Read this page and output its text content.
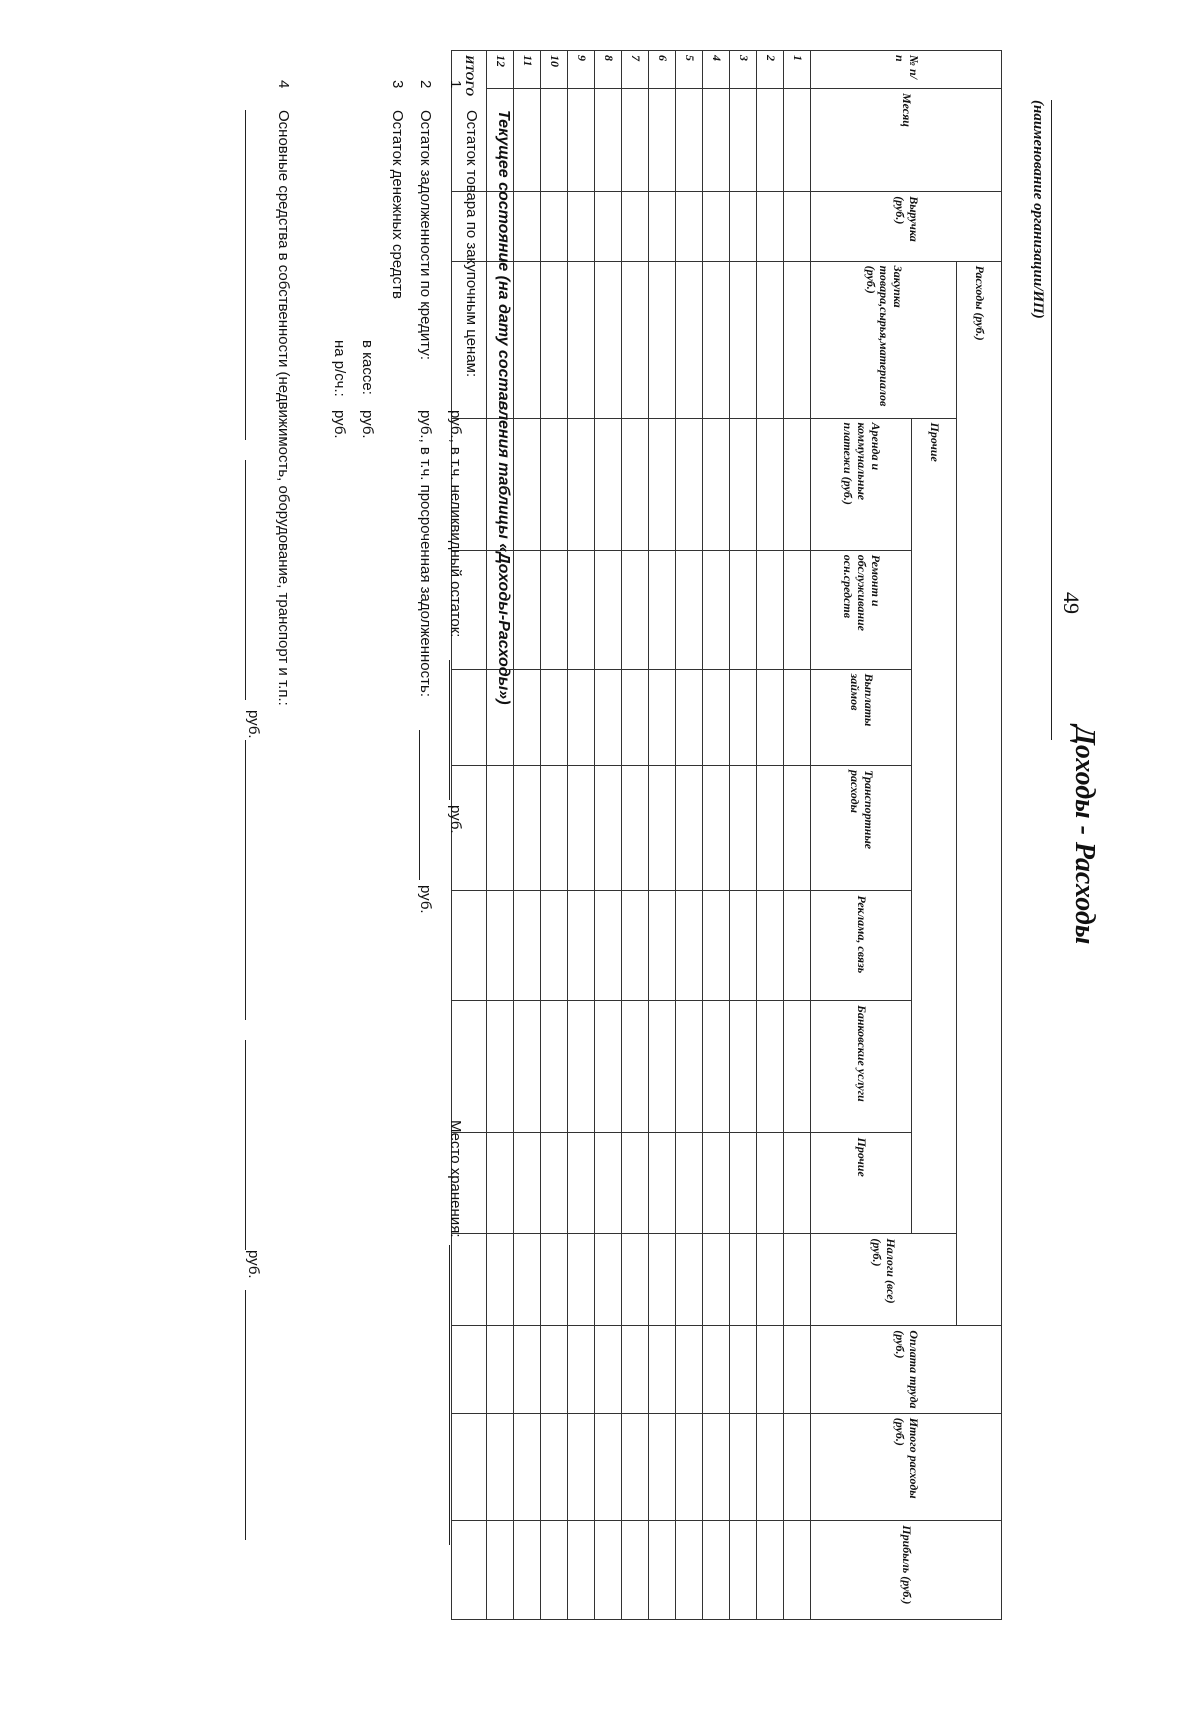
49
Доходы - Расходы
(наименование организации/ИП)
№ п/п	Месяц	Выручка (руб.)	Расходы (руб.)									Оплата труда (руб.)	Итого расходы (руб.)	Прибыль (руб.)
			Закупка товара,сырья,материалов (руб.)	Прочие							Налоги (все) (руб.)			
				Аренда и коммунальные платежи (руб.)	Ремонт и обслуживание осн.средств	Выплаты займов	Транспортные расходы	Реклама, связь	Банковские услуги	Прочие				
1														
2														
3														
4														
5														
6														
7														
8														
9														
10														
11														
12														
ИТОГО														
Текущее состояние (на дату составления таблицы «Доходы-Расходы»)
1
Остаток товара по закупочным ценам:
руб., в т.ч. неликвидный остаток:
руб.
Место хранения:
2
Остаток задолженности по кредиту:
руб., в т.ч. просроченная задолженность:
руб.
3
Остаток денежных средств
в кассе:
руб.
на р/сч.:
руб.
4
Основные средства в собственности (недвижимость, оборудование, транспорт и т.п.:
руб.
руб.
